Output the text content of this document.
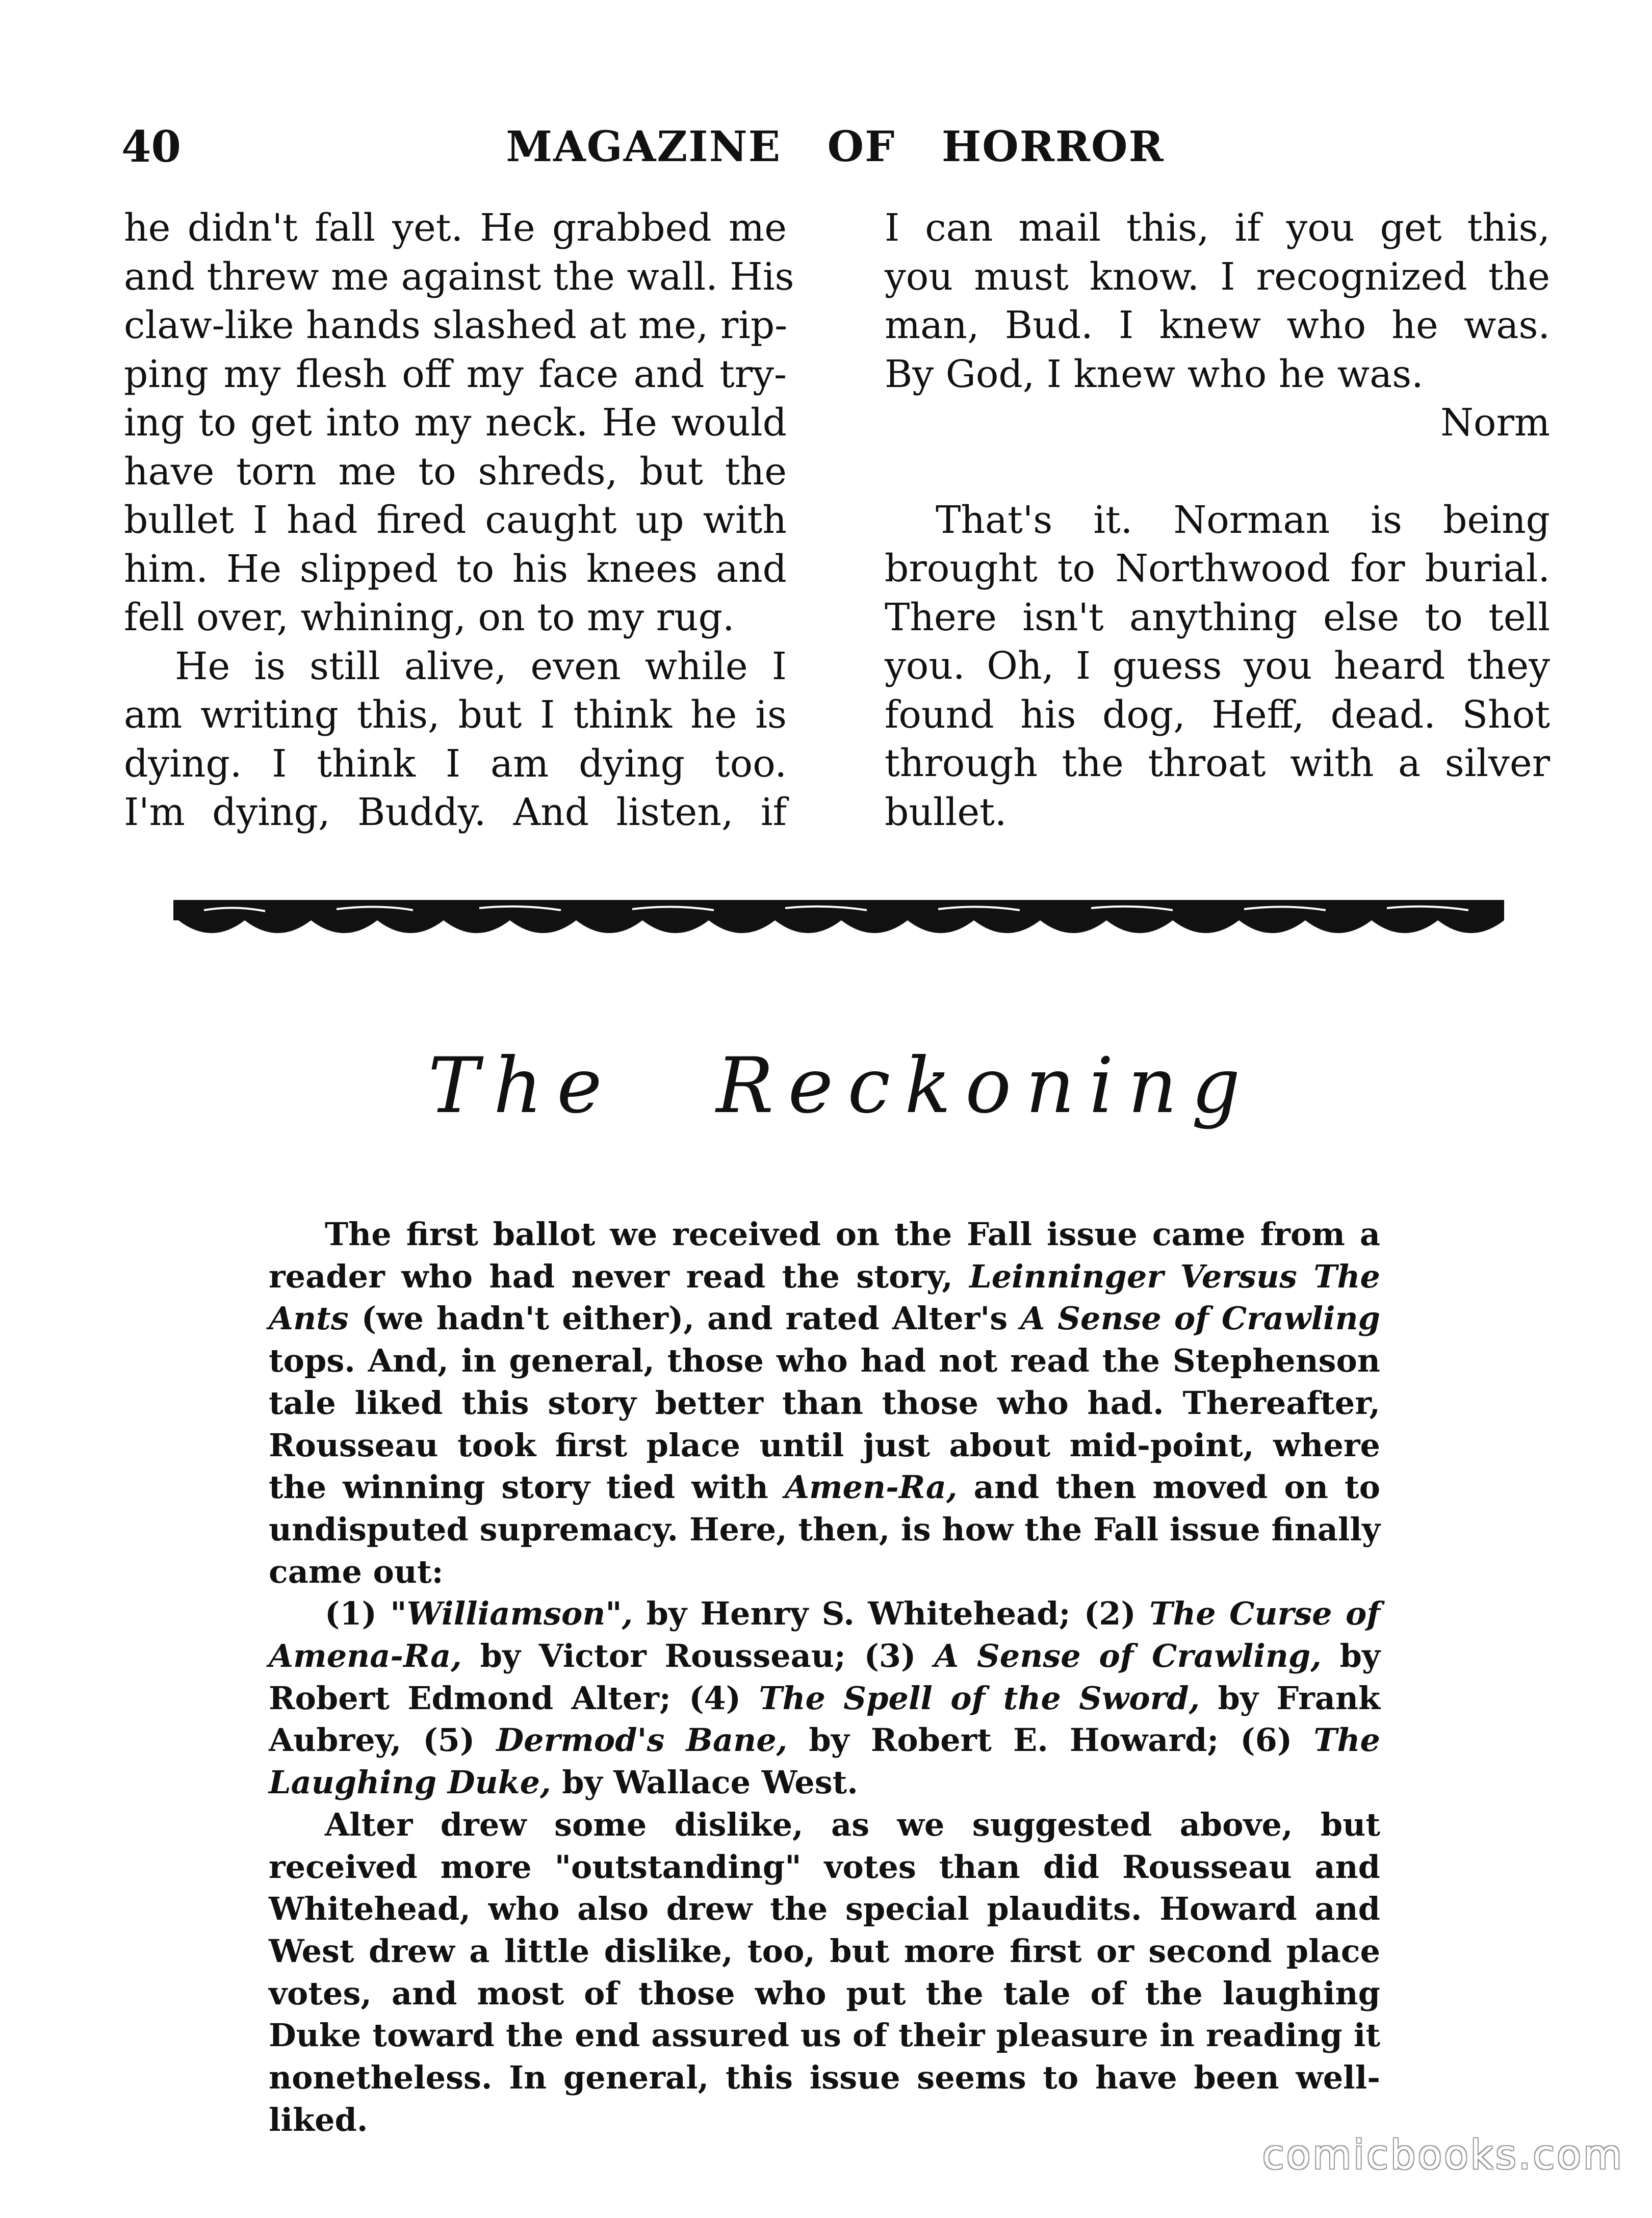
40	MAGAZINE OF HORROR
he didn't fall yet. He grabbed me
and threw me against the wall. His
claw-like hands slashed at me, rip-
ping my flesh off my face and try-
ing to get into my neck. He would
have torn me to shreds, but the
bullet I had fired caught up with
him. He slipped to his knees and
fell over, whining, on to my rug.
He is still alive, even while I
am writing this, but I think he is
dying. I think I am dying too.
I'm dying, Buddy. And listen, if
I can mail this, if you get this,
you must know. I recognized the
man, Bud. I knew who he was.
By God, I knew who he was.
Norm
That's it. Norman is being
brought to Northwood for burial.
There isn't anything else to tell
you. Oh, I guess you heard they
found his dog, Heff, dead. Shot
through the throat with a silver
bullet.
The Reckoning

The first ballot we received on the Fall issue came from a reader who had never read the story, Leinninger Versus The Ants (we hadn't either), and rated Alter's A Sense of Crawling tops. And, in general, those who had not read the Stephenson tale liked this story better than those who had. Thereafter, Rousseau took first place until just about mid-point, where the winning story tied with Amen-Ra, and then moved on to undisputed supremacy. Here, then, is how the Fall issue finally came out:

(1) "Williamson", by Henry S. Whitehead; (2) The Curse of Amena-Ra, by Victor Rousseau; (3) A Sense of Crawling, by Robert Edmond Alter; (4) The Spell of the Sword, by Frank Aubrey, (5) Dermod's Bane, by Robert E. Howard; (6) The Laughing Duke, by Wallace West.

Alter drew some dislike, as we suggested above, but received more "outstanding" votes than did Rousseau and Whitehead, who also drew the special plaudits. Howard and West drew a little dislike, too, but more first or second place votes, and most of those who put the tale of the laughing Duke toward the end assured us of their pleasure in reading it nonetheless. In general, this issue seems to have been well-liked.

comicbooks.com
